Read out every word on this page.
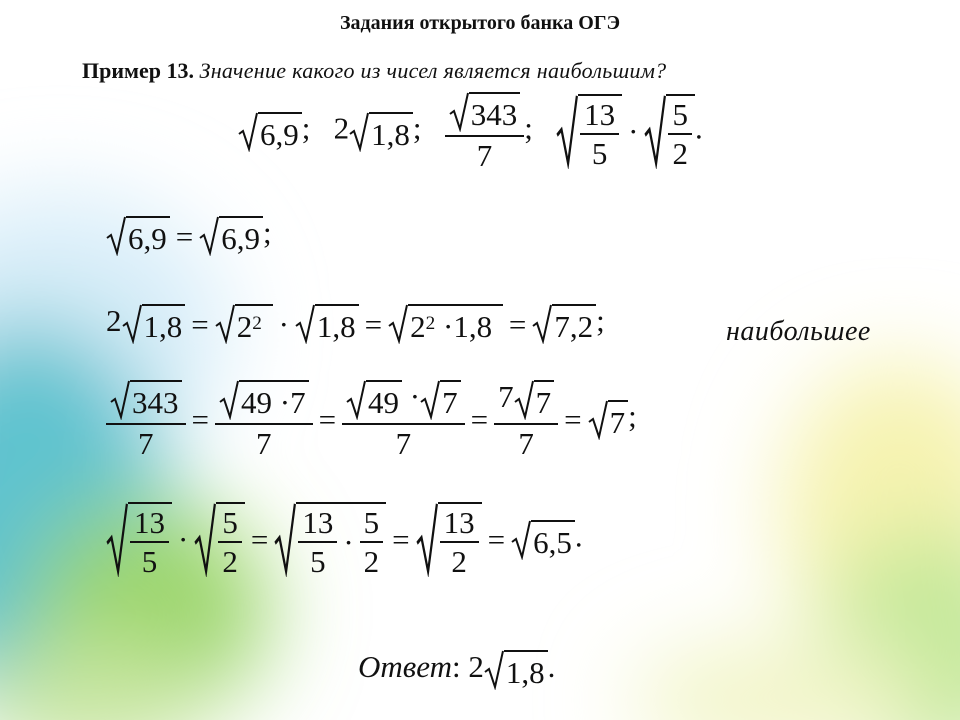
Задания открытого банка ОГЭ
Пример 13. Значение какого из чисел является наибольшим?
6,9 ;   2 1,8 ; $\frac{343}{7}$ ; $\frac{13}{5} \cdot \frac{5}{2}$ .
6,9 = 6,9 ;
2 1,8 = 2 2
· 1,8 = 2 2 · 1,8
= 7,2 ;	наибольшее
$\frac{343}{7} = \frac{49 \cdot 7}{7} = \frac{49 \cdot 7}{7} = \frac{7 7}{7} = 7$ ;
$\frac{13}{5} \cdot \frac{5}{2} = \frac{13}{5} \cdot \frac{5}{2} = \frac{13}{2} = 6,5$ .
Ответ: 2 1,8 .
